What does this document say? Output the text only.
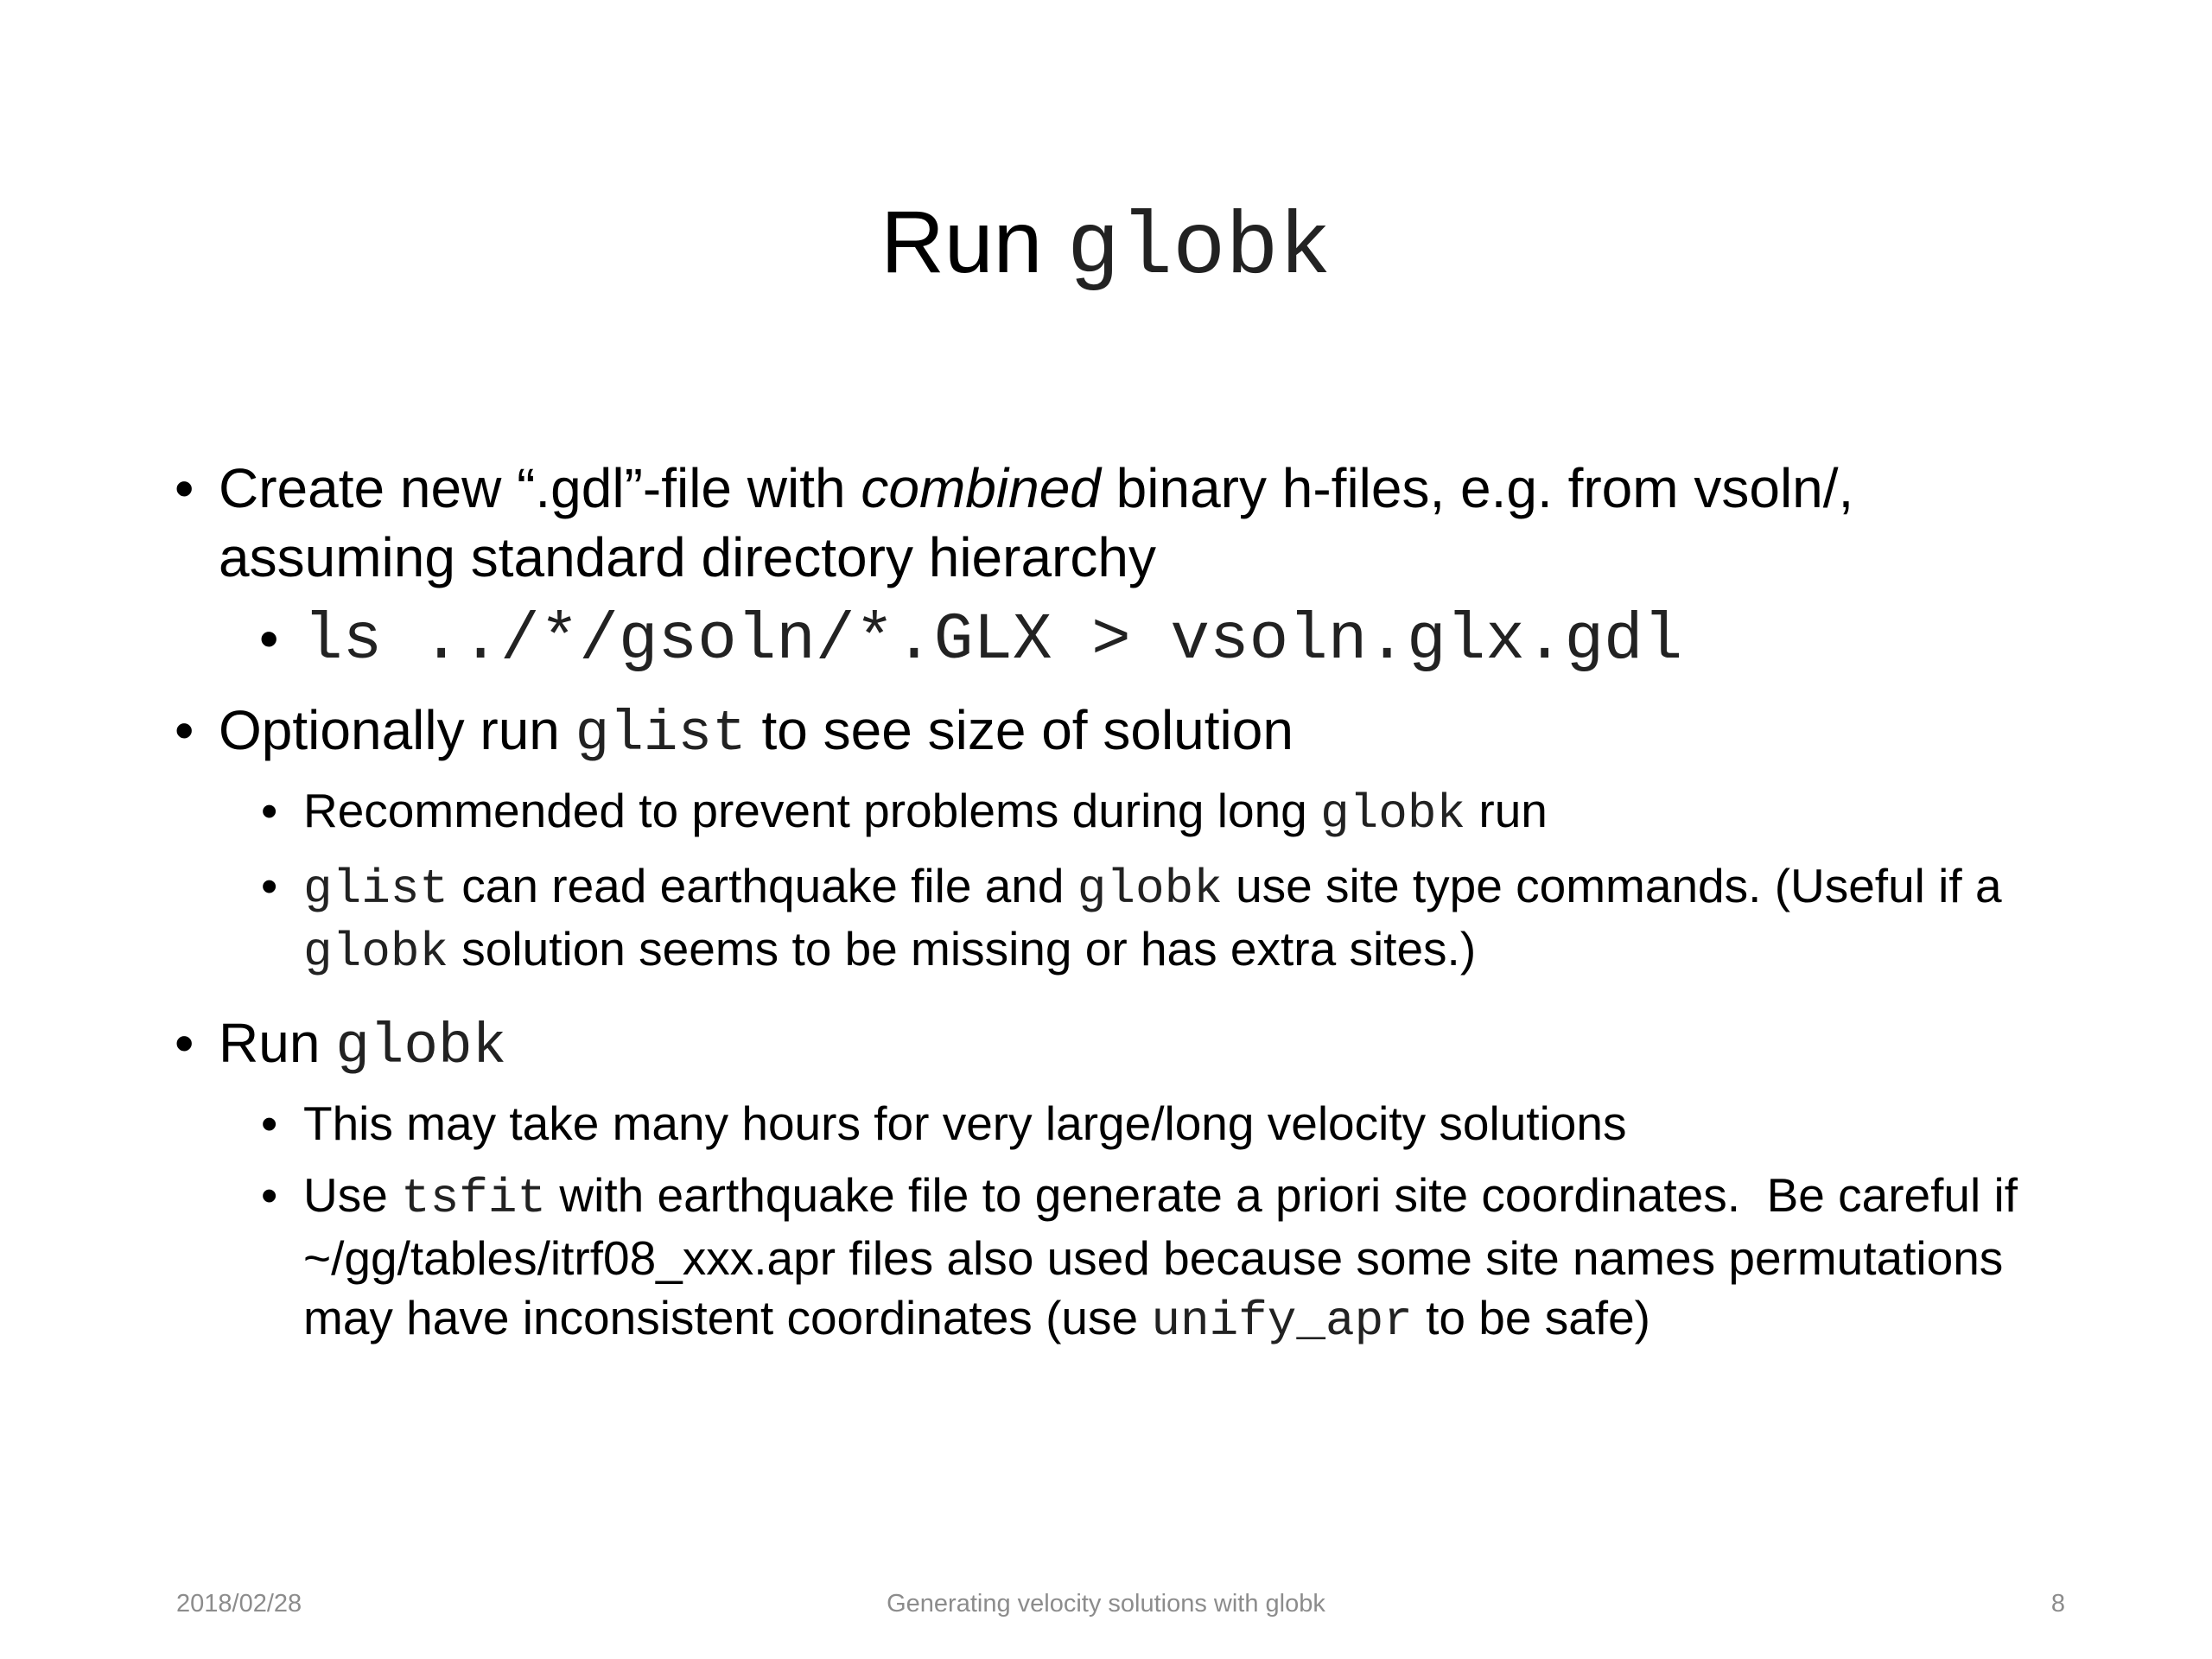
Run globk
• Create new “.gdl”-file with combined binary h-files, e.g. from vsoln/, assuming standard directory hierarchy
• ls ../*/gsoln/*.GLX > vsoln.glx.gdl
• Optionally run glist to see size of solution
• Recommended to prevent problems during long globk run
• glist can read earthquake file and globk use site type commands. (Useful if a globk solution seems to be missing or has extra sites.)
• Run globk
• This may take many hours for very large/long velocity solutions
• Use tsfit with earthquake file to generate a priori site coordinates.  Be careful if ~/gg/tables/itrf08_xxx.apr files also used because some site names permutations may have inconsistent coordinates (use unify_apr to be safe)
2018/02/28	Generating velocity solutions with globk	8
